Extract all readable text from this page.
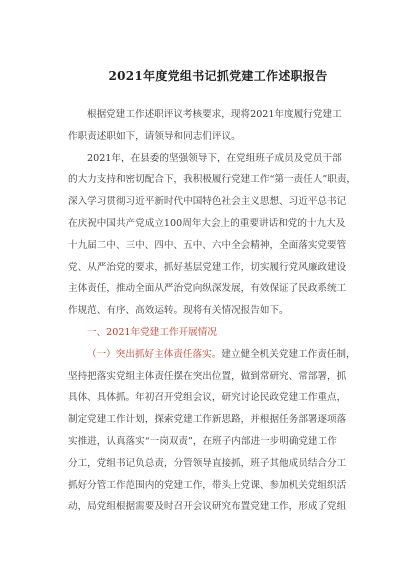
2021年度党组书记抓党建工作述职报告
根据党建工作述职评议考核要求，现将2021年度履行党建工
作职责述职如下，请领导和同志们评议。
2021年，在县委的坚强领导下，在党组班子成员及党员干部
的大力支持和密切配合下，我积极履行党建工作“第一责任人”职责，
深入学习贯彻习近平新时代中国特色社会主义思想、习近平总书记
在庆祝中国共产党成立100周年大会上的重要讲话和党的十九大及
十九届二中、三中、四中、五中、六中全会精神，全面落实党要管
党、从严治党的要求，抓好基层党建工作，切实履行党风廉政建设
主体责任，推动全面从严治党向纵深发展，有效保证了民政系统工
作规范、有序、高效运转。现将有关情况报告如下。
一、2021年党建工作开展情况
（一）突出抓好主体责任落实。建立健全机关党建工作责任制，
坚持把落实党组主体责任摆在突出位置，做到常研究、常部署，抓
具体、具体抓。年初召开党组会议，研究讨论民政党建工作重点，
制定党建工作计划，探索党建工作新思路，并根据任务部署逐项落
实推进，认真落实“一岗双责”，在班子内部进一步明确党建工作
分工，党组书记负总责，分管领导直接抓，班子其他成员结合分工
抓好分管工作范围内的党建工作，带头上党课、参加机关党组织活
动，局党组根据需要及时召开会议研究布置党建工作，形成了党组
